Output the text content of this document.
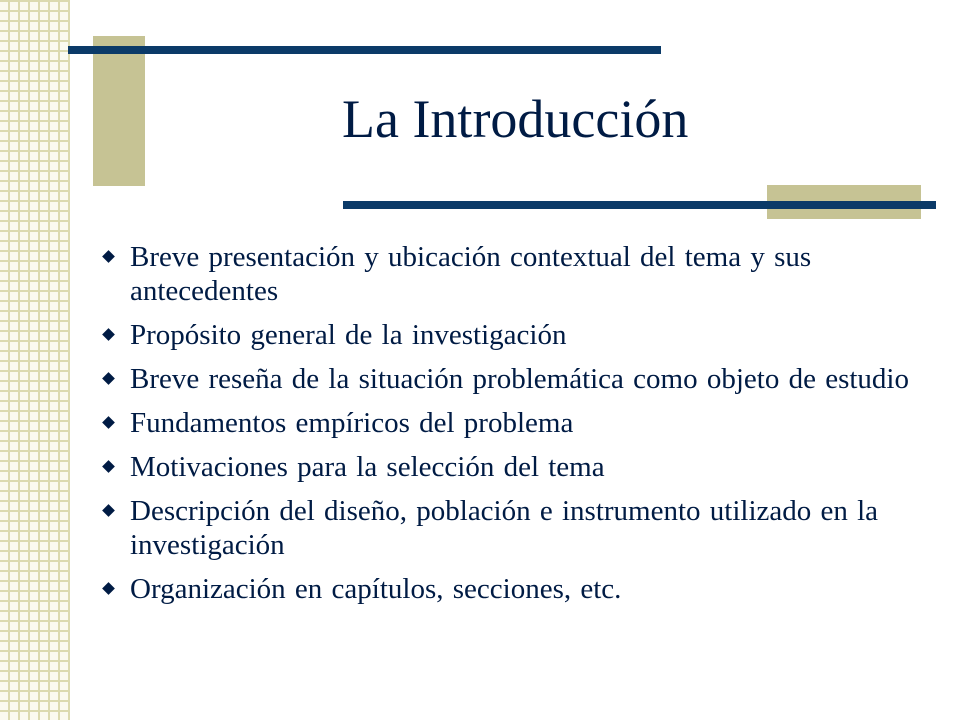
La Introducción
Breve presentación y ubicación contextual del tema y sus antecedentes
Propósito general de la investigación
Breve reseña de la situación problemática como objeto de estudio
Fundamentos empíricos del problema
Motivaciones para la selección del tema
Descripción del diseño, población e instrumento utilizado en la investigación
Organización en capítulos, secciones, etc.
